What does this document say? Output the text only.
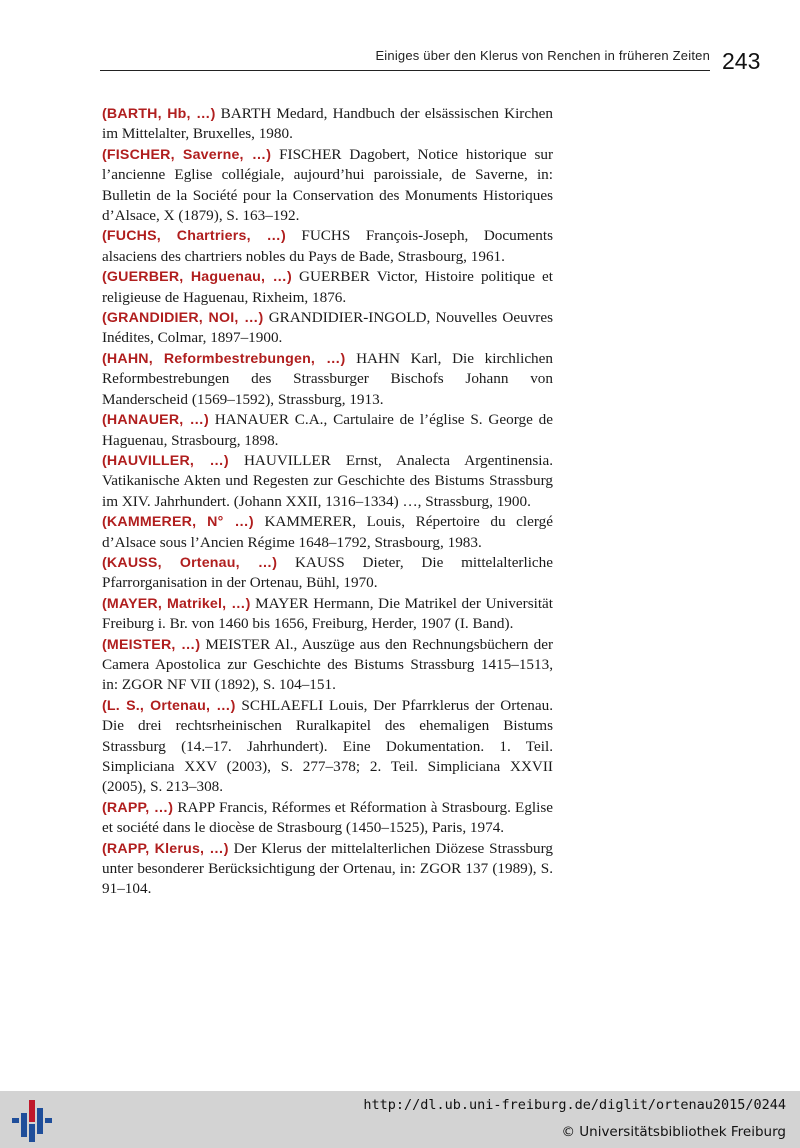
Einiges über den Klerus von Renchen in früheren Zeiten 243
(BARTH, Hb, …) BARTH Medard, Handbuch der elsässischen Kirchen im Mittelalter, Bruxelles, 1980.
(FISCHER, Saverne, …) FISCHER Dagobert, Notice historique sur l’ancienne Eglise collégiale, aujourd’hui paroissiale, de Saverne, in: Bulletin de la Société pour la Conservation des Monuments Historiques d’Alsace, X (1879), S. 163–192.
(FUCHS, Chartriers, …) FUCHS François-Joseph, Documents alsaciens des chartriers nobles du Pays de Bade, Strasbourg, 1961.
(GUERBER, Haguenau, …) GUERBER Victor, Histoire politique et religieuse de Haguenau, Rixheim, 1876.
(GRANDIDIER, NOI, …) GRANDIDIER-INGOLD, Nouvelles Oeuvres Inédites, Colmar, 1897–1900.
(HAHN, Reformbestrebungen, …) HAHN Karl, Die kirchlichen Reformbestrebungen des Strassburger Bischofs Johann von Manderscheid (1569–1592), Strassburg, 1913.
(HANAUER, …) HANAUER C.A., Cartulaire de l’église S. George de Haguenau, Strasbourg, 1898.
(HAUVILLER, …) HAUVILLER Ernst, Analecta Argentinensia. Vatikanische Akten und Regesten zur Geschichte des Bistums Strassburg im XIV. Jahrhundert. (Johann XXII, 1316–1334) …, Strassburg, 1900.
(KAMMERER, N° …) KAMMERER, Louis, Répertoire du clergé d’Alsace sous l’Ancien Régime 1648–1792, Strasbourg, 1983.
(KAUSS, Ortenau, …) KAUSS Dieter, Die mittelalterliche Pfarrorganisation in der Ortenau, Bühl, 1970.
(MAYER, Matrikel, …) MAYER Hermann, Die Matrikel der Universität Freiburg i. Br. von 1460 bis 1656, Freiburg, Herder, 1907 (I. Band).
(MEISTER, …) MEISTER Al., Auszüge aus den Rechnungsbüchern der Camera Apostolica zur Geschichte des Bistums Strassburg 1415–1513, in: ZGOR NF VII (1892), S. 104–151.
(L. S., Ortenau, …) SCHLAEFLI Louis, Der Pfarrklerus der Ortenau. Die drei rechtsrheinischen Ruralkapitel des ehemaligen Bistums Strassburg (14.–17. Jahrhundert). Eine Dokumentation. 1. Teil. Simpliciana XXV (2003), S. 277–378; 2. Teil. Simpliciana XXVII (2005), S. 213–308.
(RAPP, …) RAPP Francis, Réformes et Réformation à Strasbourg. Eglise et société dans le diocèse de Strasbourg (1450–1525), Paris, 1974.
(RAPP, Klerus, …) Der Klerus der mittelalterlichen Diözese Strassburg unter besonderer Berücksichtigung der Ortenau, in: ZGOR 137 (1989), S. 91–104.
http://dl.ub.uni-freiburg.de/diglit/ortenau2015/0244
© Universitätsbibliothek Freiburg
